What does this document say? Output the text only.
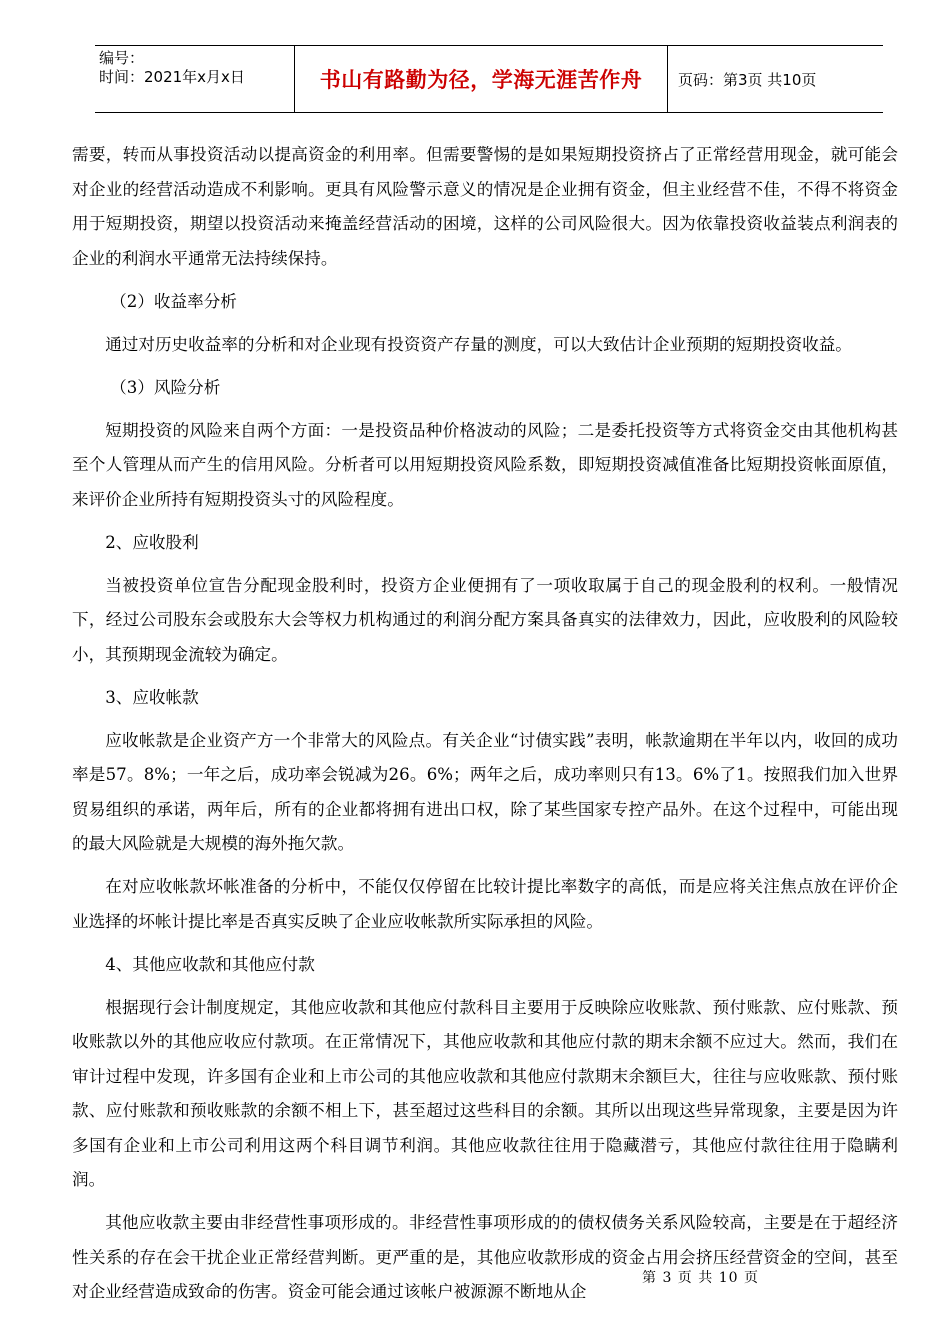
编号：
时间：2021年x月x日	书山有路勤为径，学海无涯苦作舟	页码：第3页 共10页

需要，转而从事投资活动以提高资金的利用率。但需要警惕的是如果短期投资挤占了正常经营用现金，就可能会对企业的经营活动造成不利影响。更具有风险警示意义的情况是企业拥有资金，但主业经营不佳，不得不将资金用于短期投资，期望以投资活动来掩盖经营活动的困境，这样的公司风险很大。因为依靠投资收益装点利润表的企业的利润水平通常无法持续保持。

（2）收益率分析

通过对历史收益率的分析和对企业现有投资资产存量的测度，可以大致估计企业预期的短期投资收益。

（3）风险分析

短期投资的风险来自两个方面：一是投资品种价格波动的风险；二是委托投资等方式将资金交由其他机构甚至个人管理从而产生的信用风险。分析者可以用短期投资风险系数，即短期投资减值准备比短期投资帐面原值，来评价企业所持有短期投资头寸的风险程度。

2、应收股利

当被投资单位宣告分配现金股利时，投资方企业便拥有了一项收取属于自己的现金股利的权利。一般情况下，经过公司股东会或股东大会等权力机构通过的利润分配方案具备真实的法律效力，因此，应收股利的风险较小，其预期现金流较为确定。

3、应收帐款

应收帐款是企业资产方一个非常大的风险点。有关企业“讨债实践”表明，帐款逾期在半年以内，收回的成功率是57。8%；一年之后，成功率会锐减为26。6%；两年之后，成功率则只有13。6%了1。按照我们加入世界贸易组织的承诺，两年后，所有的企业都将拥有进出口权，除了某些国家专控产品外。在这个过程中，可能出现的最大风险就是大规模的海外拖欠款。

在对应收帐款坏帐准备的分析中，不能仅仅停留在比较计提比率数字的高低，而是应将关注焦点放在评价企业选择的坏帐计提比率是否真实反映了企业应收帐款所实际承担的风险。

4、其他应收款和其他应付款

根据现行会计制度规定，其他应收款和其他应付款科目主要用于反映除应收账款、预付账款、应付账款、预收账款以外的其他应收应付款项。在正常情况下，其他应收款和其他应付款的期末余额不应过大。然而，我们在审计过程中发现，许多国有企业和上市公司的其他应收款和其他应付款期末余额巨大，往往与应收账款、预付账款、应付账款和预收账款的余额不相上下，甚至超过这些科目的余额。其所以出现这些异常现象，主要是因为许多国有企业和上市公司利用这两个科目调节利润。其他应收款往往用于隐藏潜亏，其他应付款往往用于隐瞒利润。

其他应收款主要由非经营性事项形成的。非经营性事项形成的的债权债务关系风险较高，主要是在于超经济性关系的存在会干扰企业正常经营判断。更严重的是，其他应收款形成的资金占用会挤压经营资金的空间，甚至对企业经营造成致命的伤害。资金可能会通过该帐户被源源不断地从企

第 3 页 共 10 页
